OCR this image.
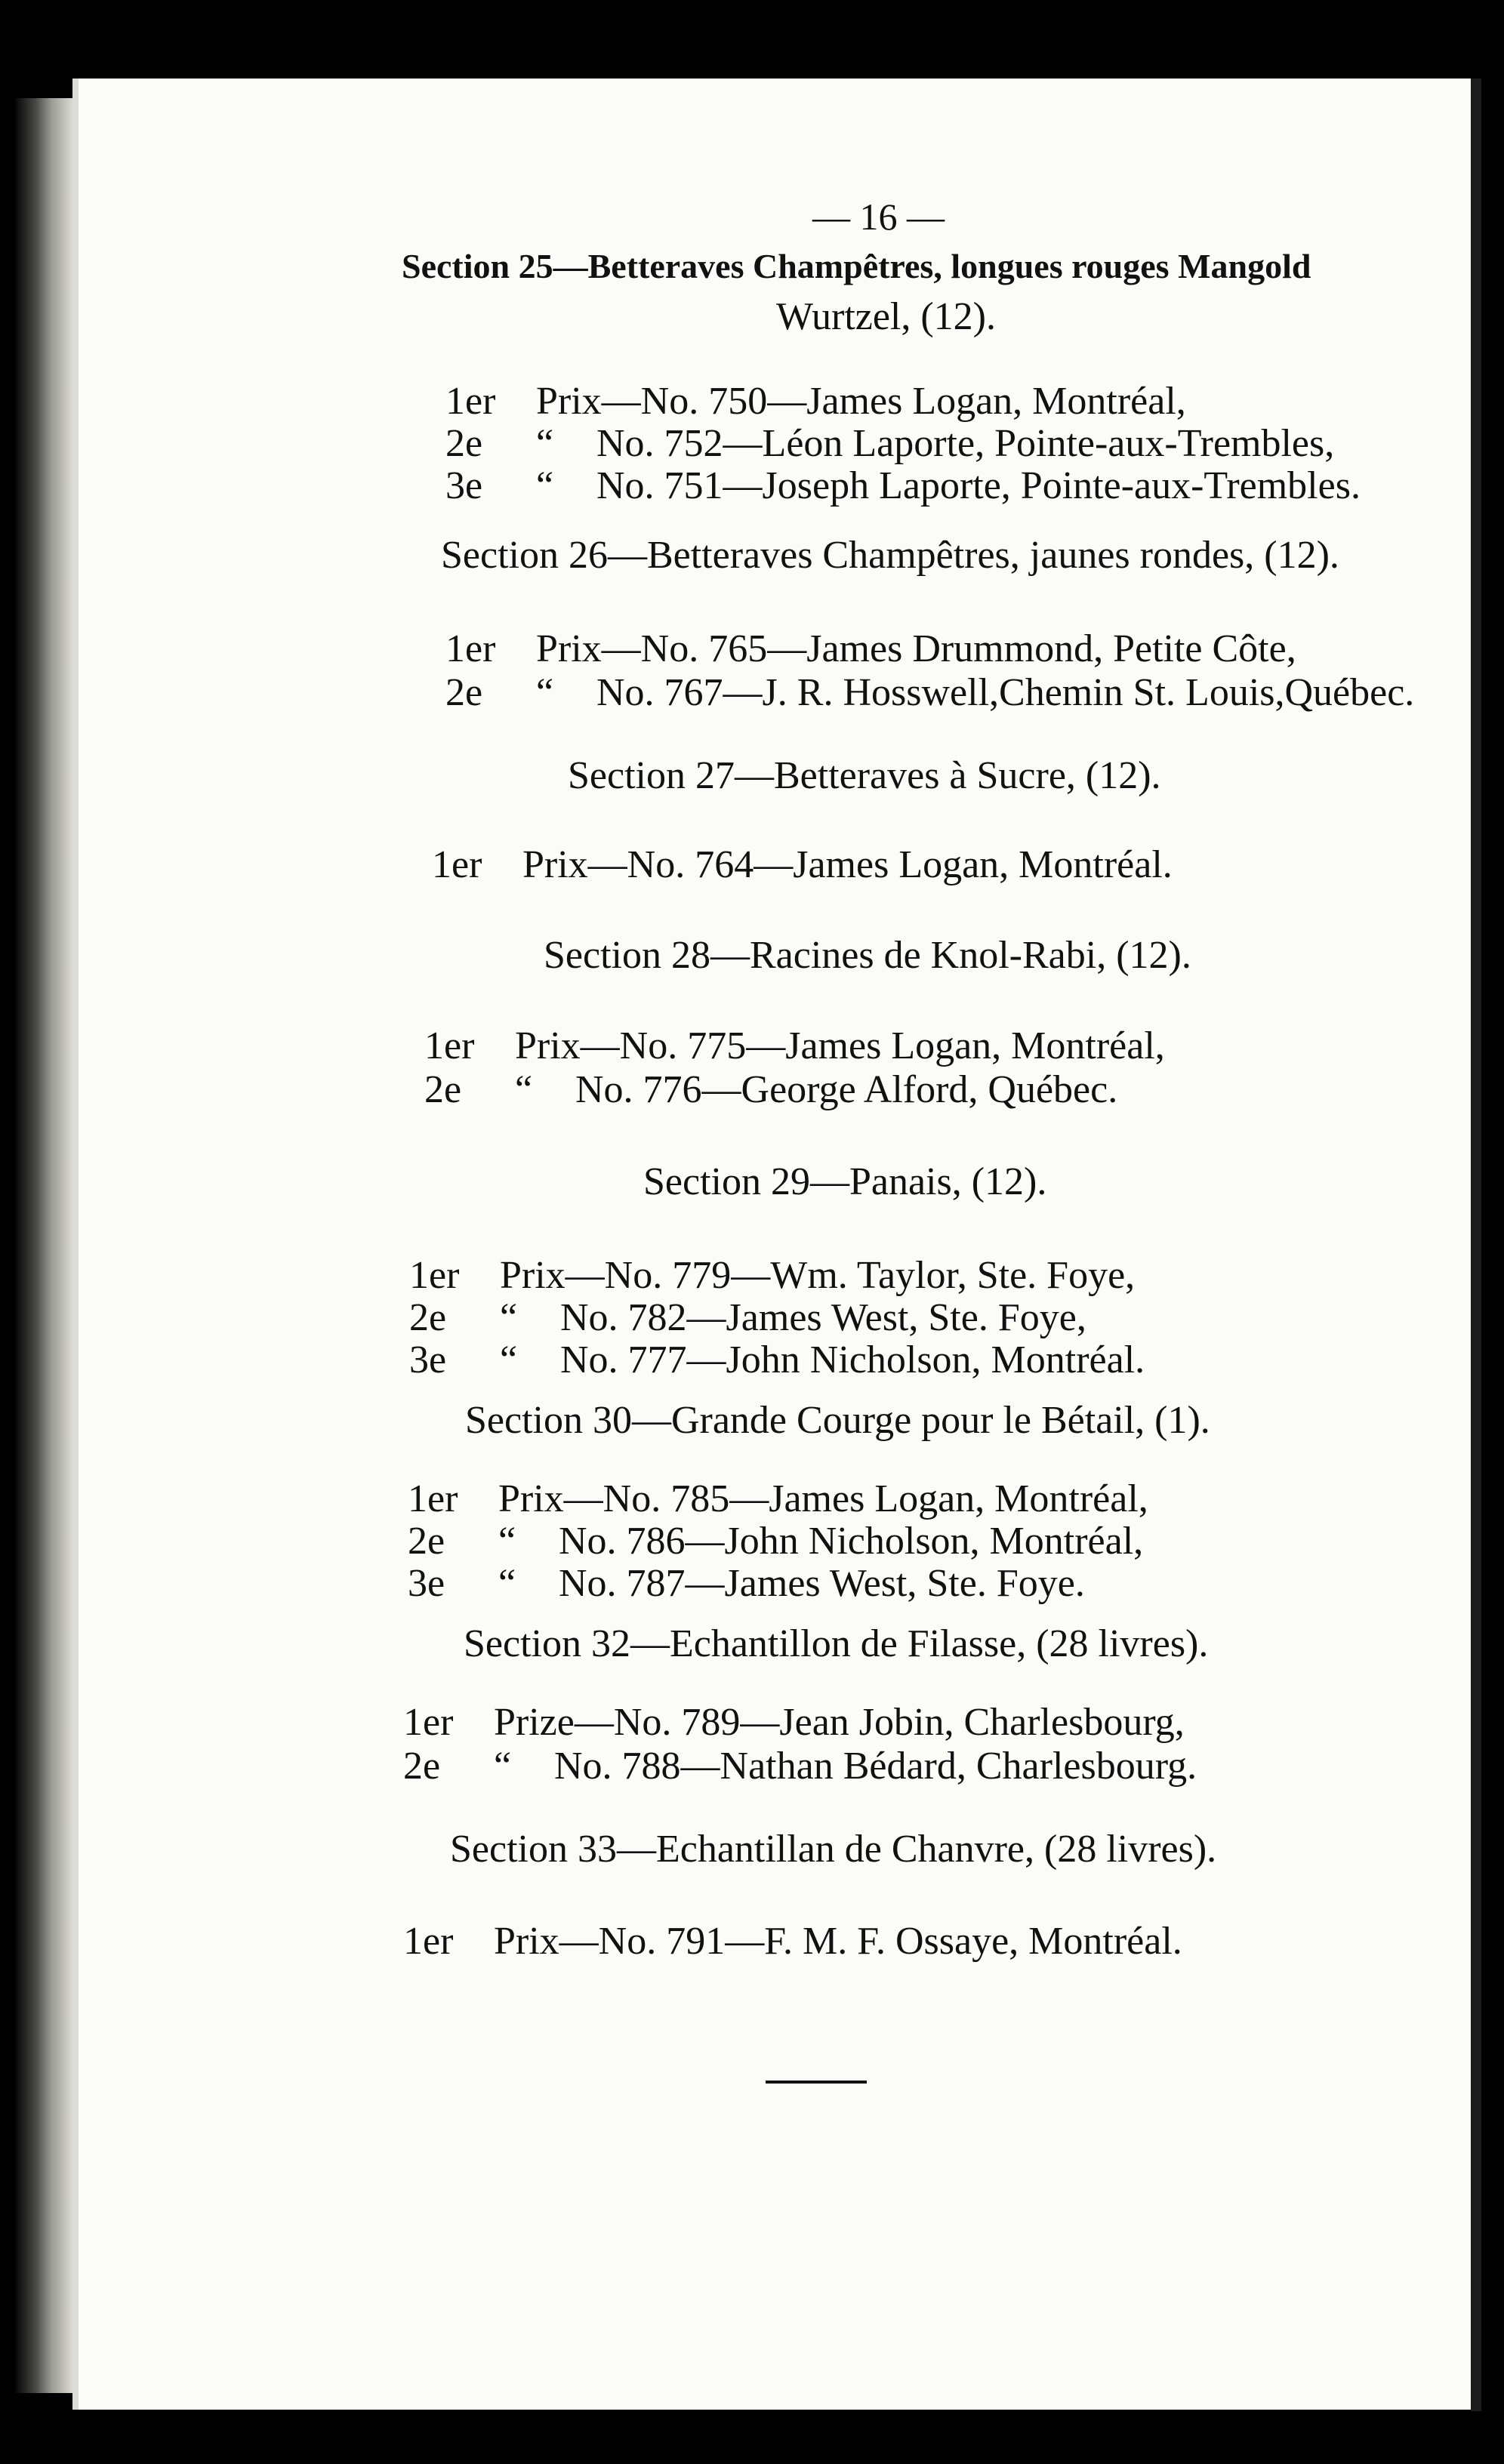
— 16 —
Section 25—Betteraves Champêtres, longues rouges Mangold
Wurtzel, (12).
1er	Prix—No. 750—James Logan, Montréal,
2e	“	No. 752—Léon Laporte, Pointe-aux-Trembles,
3e	“	No. 751—Joseph Laporte, Pointe-aux-Trembles.
Section 26—Betteraves Champêtres, jaunes rondes, (12).
1er	Prix—No. 765—James Drummond, Petite Côte,
2e	“	No. 767—J. R. Hosswell,Chemin St. Louis,Québec.
Section 27—Betteraves à Sucre, (12).
1er	Prix—No. 764—James Logan, Montréal.
Section 28—Racines de Knol-Rabi, (12).
1er	Prix—No. 775—James Logan, Montréal,
2e	“	No. 776—George Alford, Québec.
Section 29—Panais, (12).
1er	Prix—No. 779—Wm. Taylor, Ste. Foye,
2e	“	No. 782—James West, Ste. Foye,
3e	“	No. 777—John Nicholson, Montréal.
Section 30—Grande Courge pour le Bétail, (1).
1er	Prix—No. 785—James Logan, Montréal,
2e	“	No. 786—John Nicholson, Montréal,
3e	“	No. 787—James West, Ste. Foye.
Section 32—Echantillon de Filasse, (28 livres).
1er	Prize—No. 789—Jean Jobin, Charlesbourg,
2e	“	No. 788—Nathan Bédard, Charlesbourg.
Section 33—Echantillan de Chanvre, (28 livres).
1er	Prix—No. 791—F. M. F. Ossaye, Montréal.
